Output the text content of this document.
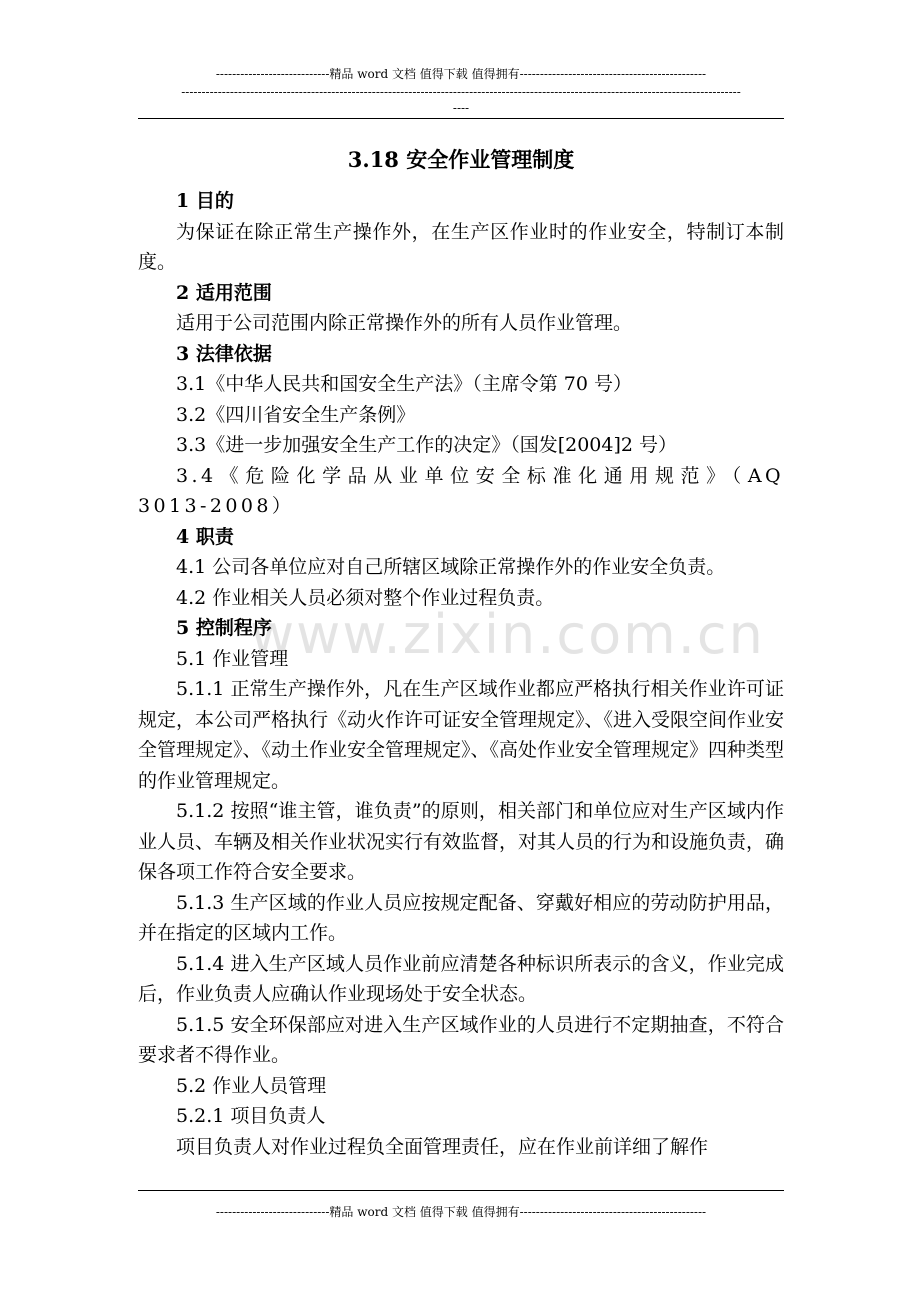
----------------------------精品 word 文档 值得下载 值得拥有----------------------------------------------
------------------------------------------------------------------------------------------------------------------------------------------
----
www.zixin.com.cn
3.18 安全作业管理制度
1 目的
为保证在除正常生产操作外，在生产区作业时的作业安全，特制订本制度。
2 适用范围
适用于公司范围内除正常操作外的所有人员作业管理。
3 法律依据
3.1《中华人民共和国安全生产法》（主席令第 70 号）
3.2《四川省安全生产条例》
3.3《进一步加强安全生产工作的决定》（国发[2004]2 号）
3.4《危险化学品从业单位安全标准化通用规范》（AQ 3013-2008）
4 职责
4.1 公司各单位应对自己所辖区域除正常操作外的作业安全负责。
4.2 作业相关人员必须对整个作业过程负责。
5 控制程序
5.1 作业管理
5.1.1 正常生产操作外，凡在生产区域作业都应严格执行相关作业许可证规定，本公司严格执行《动火作许可证安全管理规定》、《进入受限空间作业安全管理规定》、《动土作业安全管理规定》、《高处作业安全管理规定》四种类型的作业管理规定。
5.1.2 按照“谁主管，谁负责”的原则，相关部门和单位应对生产区域内作业人员、车辆及相关作业状况实行有效监督，对其人员的行为和设施负责，确保各项工作符合安全要求。
5.1.3 生产区域的作业人员应按规定配备、穿戴好相应的劳动防护用品，并在指定的区域内工作。
5.1.4 进入生产区域人员作业前应清楚各种标识所表示的含义，作业完成后，作业负责人应确认作业现场处于安全状态。
5.1.5 安全环保部应对进入生产区域作业的人员进行不定期抽查，不符合要求者不得作业。
5.2 作业人员管理
5.2.1 项目负责人
项目负责人对作业过程负全面管理责任，应在作业前详细了解作
----------------------------精品 word 文档 值得下载 值得拥有----------------------------------------------
